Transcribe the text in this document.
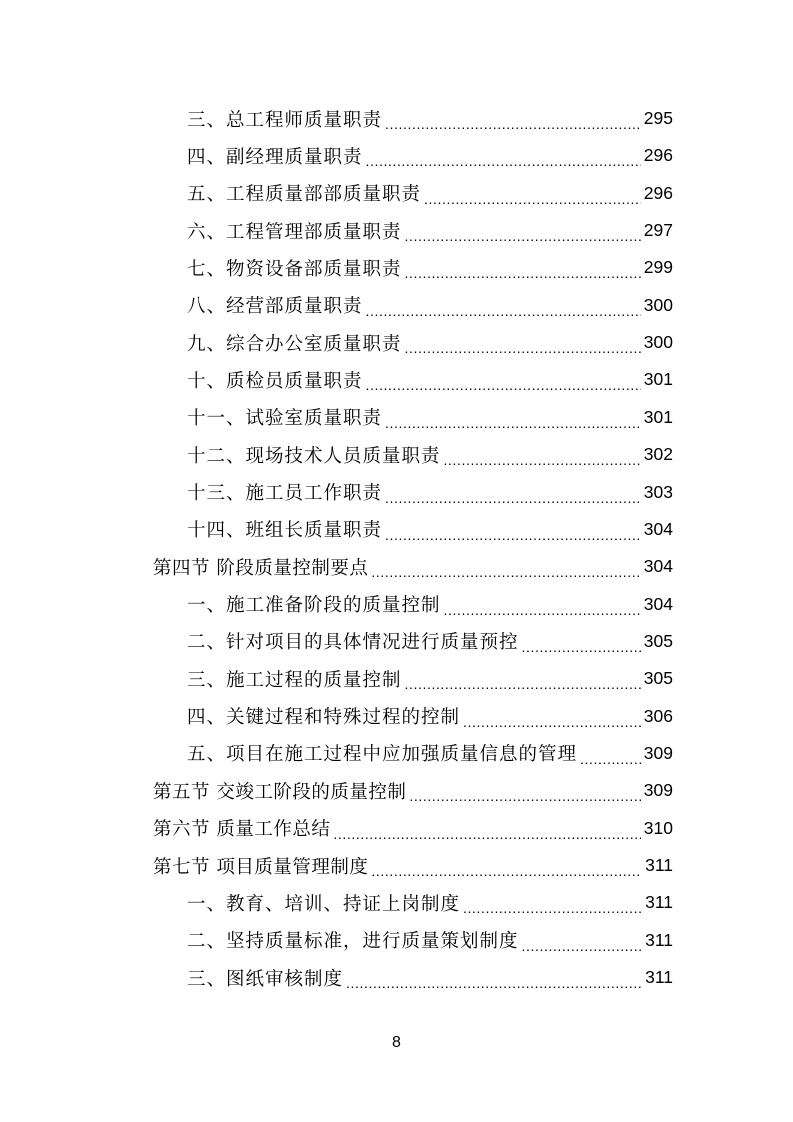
三、总工程师质量职责 .....	295
四、副经理质量职责 .....	296
五、工程质量部部质量职责 .....	296
六、工程管理部质量职责 .....	297
七、物资设备部质量职责 .....	299
八、经营部质量职责 .....	300
九、综合办公室质量职责 .....	300
十、质检员质量职责 .....	301
十一、试验室质量职责 .....	301
十二、现场技术人员质量职责 .....	302
十三、施工员工作职责 .....	303
十四、班组长质量职责 .....	304
第四节 阶段质量控制要点 .....	304
一、施工准备阶段的质量控制 .....	304
二、针对项目的具体情况进行质量预控 .....	305
三、施工过程的质量控制 .....	305
四、关键过程和特殊过程的控制 .....	306
五、项目在施工过程中应加强质量信息的管理 .....	309
第五节 交竣工阶段的质量控制 .....	309
第六节 质量工作总结 .....	310
第七节 项目质量管理制度 .....	311
一、教育、培训、持证上岗制度 .....	311
二、坚持质量标准，进行质量策划制度 .....	311
三、图纸审核制度 .....	311
8
